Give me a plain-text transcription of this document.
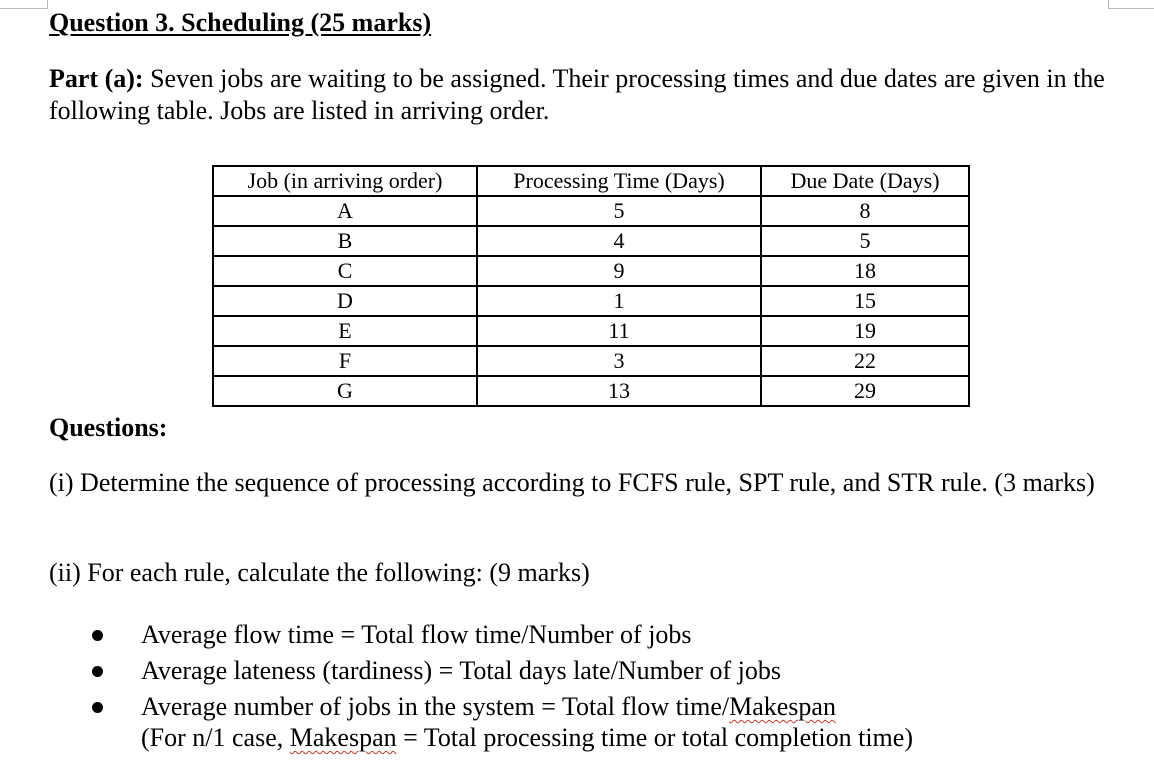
Question 3. Scheduling (25 marks)
Part (a): Seven jobs are waiting to be assigned. Their processing times and due dates are given in the following table. Jobs are listed in arriving order.
Job (in arriving order)	Processing Time (Days)	Due Date (Days)
A	5	8
B	4	5
C	9	18
D	1	15
E	11	19
F	3	22
G	13	29
Questions:
(i) Determine the sequence of processing according to FCFS rule, SPT rule, and STR rule. (3 marks)
(ii) For each rule, calculate the following: (9 marks)
Average flow time = Total flow time/Number of jobs
Average lateness (tardiness) = Total days late/Number of jobs
Average number of jobs in the system = Total flow time/Makespan
(For n/1 case, Makespan = Total processing time or total completion time)
